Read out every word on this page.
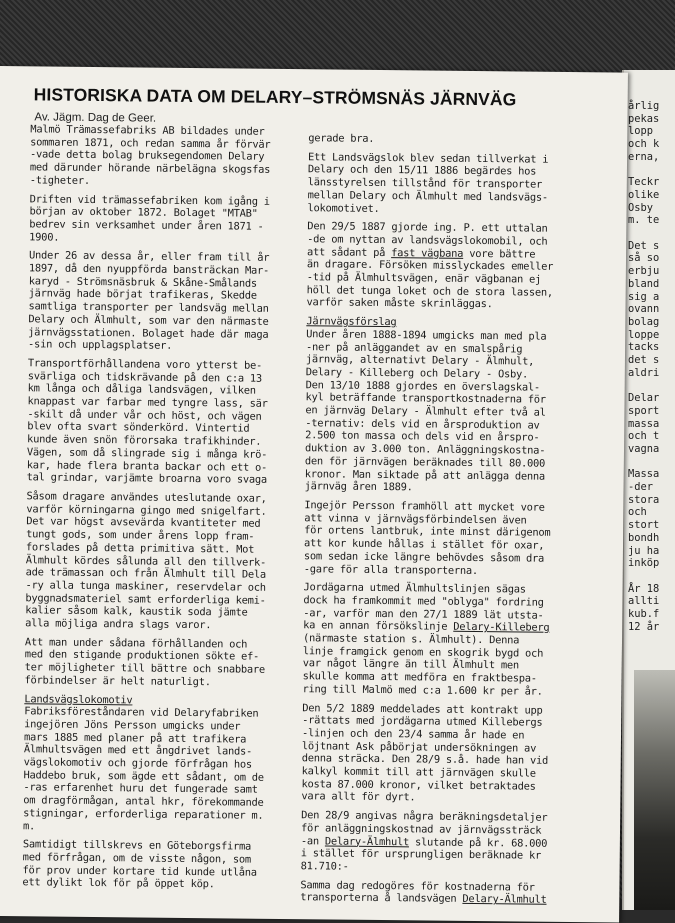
årlig
pekas
lopp
och k
erna,
Teckr
olike
Osby
m. te
Det s
så so
erbju
bland
sig a
ovann
bolag
loppe
tacks
det s
aldri
Delar
sport
massa
och t
vagna
Massa
-der
stora
och
stort
bondh
ju ha
inköp
År 18
allti
kub.f
12 år
HISTORISKA DATA OM DELARY–STRÖMSNÄS JÄRNVÄG
Av. Jägm. Dag de Geer.
Malmö Trämassefabriks AB bildades under
sommaren 1871, och redan samma år förvär
-vade detta bolag bruksegendomen Delary
med därunder hörande närbelägna skogsfas
-tigheter.
Driften vid trämassefabriken kom igång i
början av oktober 1872. Bolaget "MTAB"
bedrev sin verksamhet under åren 1871 -
1900.
Under 26 av dessa år, eller fram till år
1897, då den nyuppförda bansträckan Mar-
karyd - Strömsnäsbruk & Skåne-Smålands
järnväg hade börjat trafikeras, Skedde
samtliga transporter per landsväg mellan
Delary och Älmhult, som var den närmaste
järnvägsstationen. Bolaget hade där maga
-sin och upplagsplatser.
Transportförhållandena voro ytterst be-
svärliga och tidskrävande på den c:a 13
km långa och dåliga landsvägen, vilken
knappast var farbar med tyngre lass, sär
-skilt då under vår och höst, och vägen
blev ofta svart sönderkörd. Vintertid
kunde även snön förorsaka trafikhinder.
Vägen, som då slingrade sig i många krö-
kar, hade flera branta backar och ett o-
tal grindar, varjämte broarna voro svaga
Såsom dragare användes uteslutande oxar,
varför körningarna gingo med snigelfart.
Det var högst avsevärda kvantiteter med
tungt gods, som under årens lopp fram-
forslades på detta primitiva sätt. Mot
Älmhult kördes sålunda all den tillverk-
ade trämassan och från Älmhult till Dela
-ry alla tunga maskiner, reservdelar och
byggnadsmateriel samt erforderliga kemi-
kalier såsom kalk, kaustik soda jämte
alla möjliga andra slags varor.
Att man under sådana förhållanden och
med den stigande produktionen sökte ef-
ter möjligheter till bättre och snabbare
förbindelser är helt naturligt.
Landsvägslokomotiv
Fabriksföreståndaren vid Delaryfabriken
ingejören Jöns Persson umgicks under
mars 1885 med planer på att trafikera
Älmhultsvägen med ett ångdrivet lands-
vägslokomotiv och gjorde förfrågan hos
Haddebo bruk, som ägde ett sådant, om de
-ras erfarenhet huru det fungerade samt
om dragförmågan, antal hkr, förekommande
stigningar, erforderliga reparationer m.
m.
Samtidigt tillskrevs en Göteborgsfirma
med förfrågan, om de visste någon, som
för prov under kortare tid kunde utlåna
ett dylikt lok för på öppet köp.
gerade bra.
Ett Landsvägslok blev sedan tillverkat i
Delary och den 15/11 1886 begärdes hos
länsstyrelsen tillstånd för transporter
mellan Delary och Älmhult med landsvägs-
lokomotivet.
Den 29/5 1887 gjorde ing. P. ett uttalan
-de om nyttan av landsvägslokomobil, och
att sådant på fast vägbana vore bättre
än dragare. Försöken misslyckades emeller
-tid på Älmhultsvägen, enär vägbanan ej
höll det tunga loket och de stora lassen,
varför saken måste skrinläggas.
Järnvägsförslag
Under åren 1888-1894 umgicks man med pla
-ner på anläggandet av en smalspårig
järnväg, alternativt Delary - Älmhult,
Delary - Killeberg och Delary - Osby.
Den 13/10 1888 gjordes en överslagskal-
kyl beträffande transportkostnaderna för
en järnväg Delary - Älmhult efter två al
-ternativ: dels vid en årsproduktion av
2.500 ton massa och dels vid en årspro-
duktion av 3.000 ton. Anläggningskostna-
den för järnvägen beräknades till 80.000
kronor. Man siktade på att anlägga denna
järnväg åren 1889.
Ingejör Persson framhöll att mycket vore
att vinna v järnvägsförbindelsen även
för ortens lantbruk, inte minst därigenom
att kor kunde hållas i stället för oxar,
som sedan icke längre behövdes såsom dra
-gare för alla transporterna.
Jordägarna utmed Älmhultslinjen sägas
dock ha framkommit med "oblyga" fordring
-ar, varför man den 27/1 1889 lät utsta-
ka en annan försökslinje Delary-Killeberg
(närmaste station s. Älmhult). Denna
linje framgick genom en skogrik bygd och
var något längre än till Älmhult men
skulle komma att medföra en fraktbespa-
ring till Malmö med c:a 1.600 kr per år.
Den 5/2 1889 meddelades att kontrakt upp
-rättats med jordägarna utmed Killebergs
-linjen och den 23/4 samma år hade en
löjtnant Ask påbörjat undersökningen av
denna sträcka. Den 28/9 s.å. hade han vid
kalkyl kommit till att järnvägen skulle
kosta 87.000 kronor, vilket betraktades
vara allt för dyrt.
Den 28/9 angivas några beräkningsdetaljer
för anläggningskostnad av järnvägssträck
-an Delary-Älmhult slutande på kr. 68.000
i stället för ursprungligen beräknade kr
81.710:-
Samma dag redogöres för kostnaderna för
transporterna å landsvägen Delary-Älmhult
